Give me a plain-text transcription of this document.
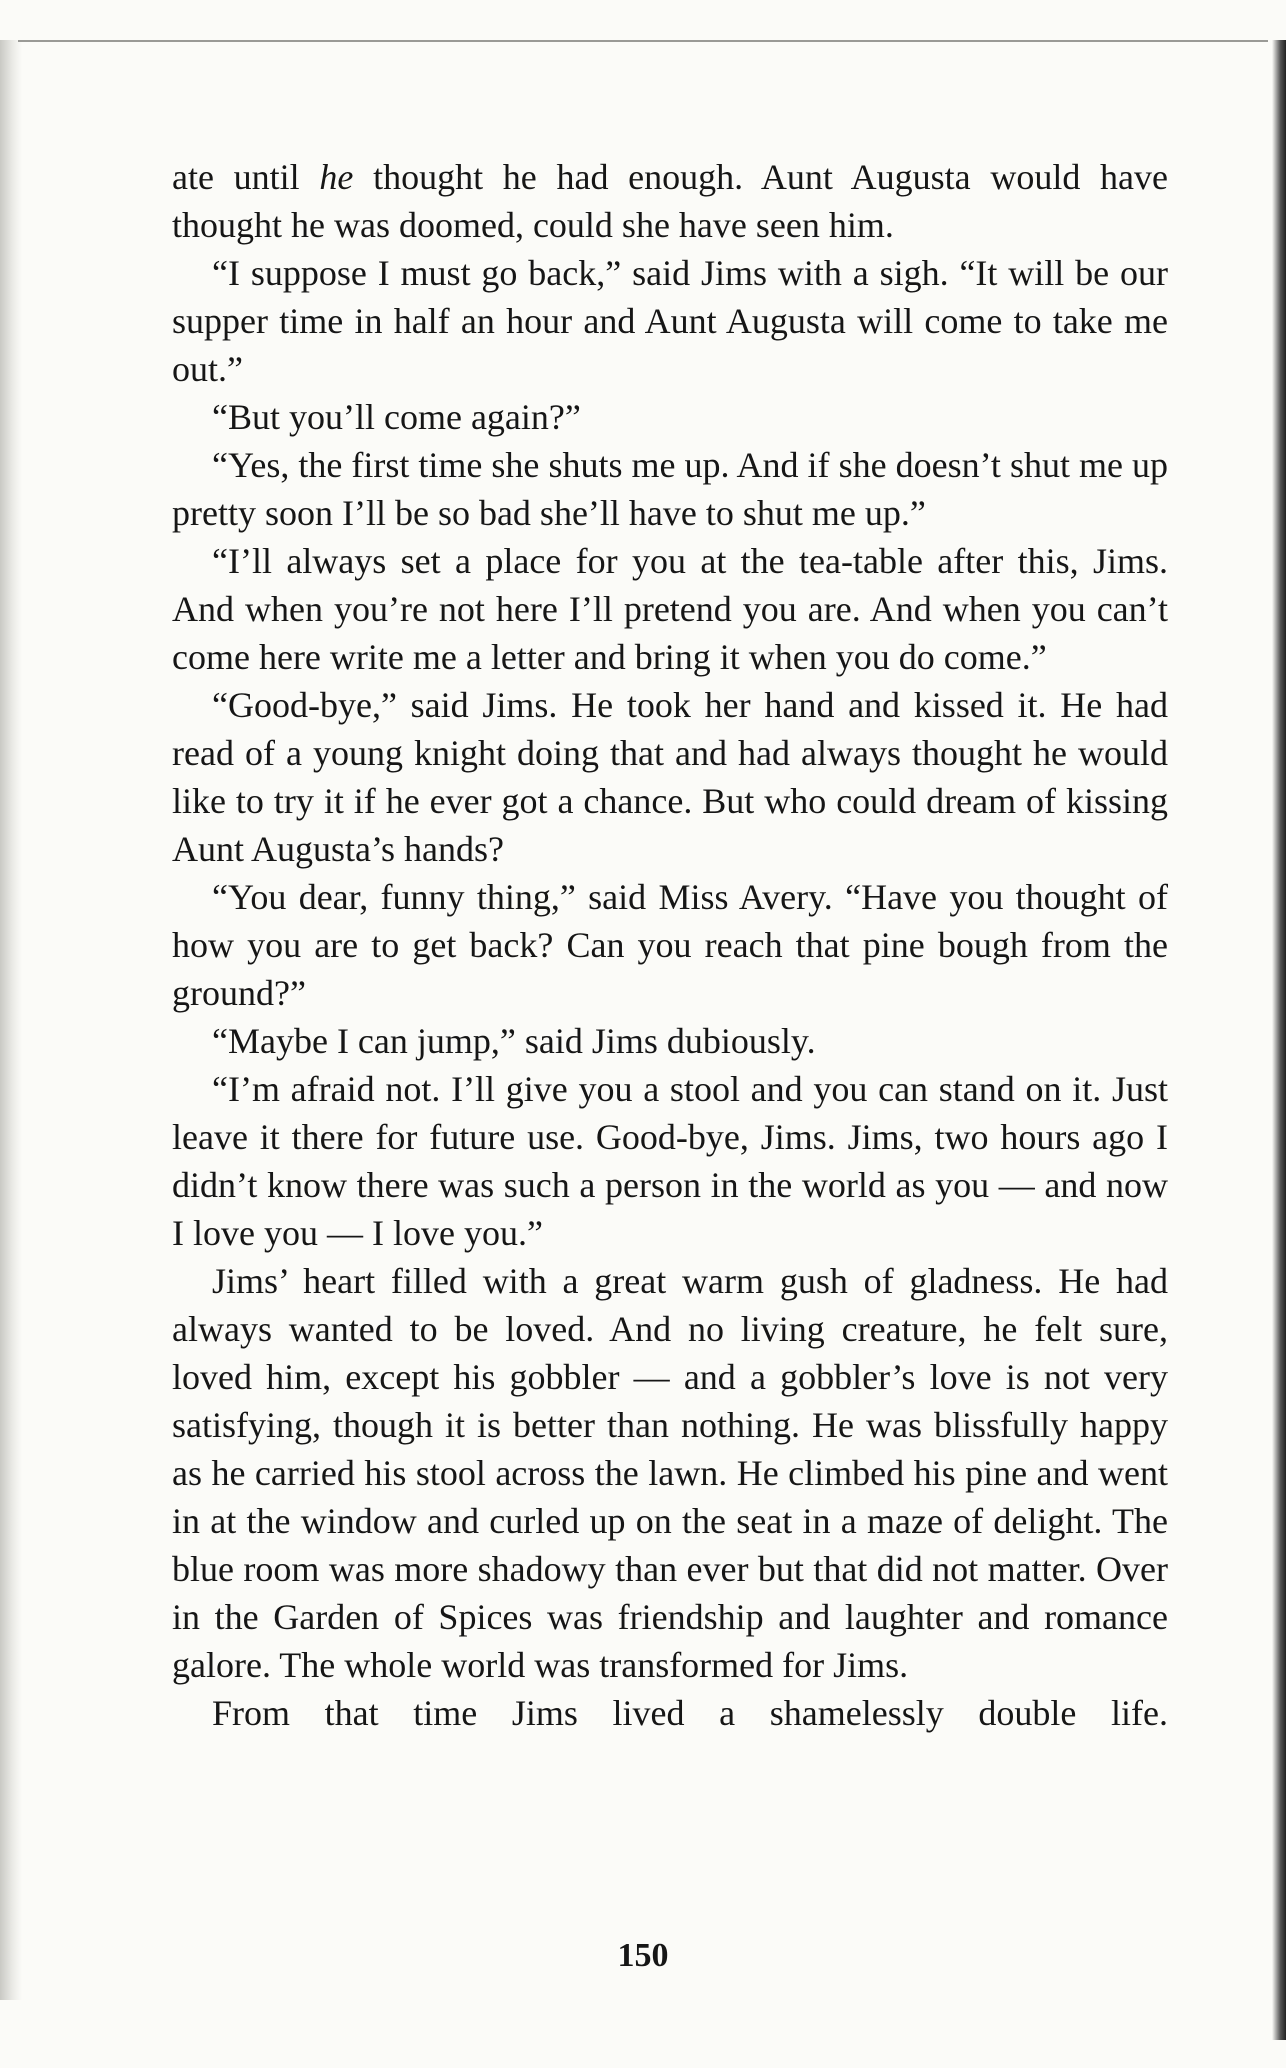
ate until he thought he had enough. Aunt Augusta would have thought he was doomed, could she have seen him.

“I suppose I must go back,” said Jims with a sigh. “It will be our supper time in half an hour and Aunt Augusta will come to take me out.”

“But you’ll come again?”

“Yes, the first time she shuts me up. And if she doesn’t shut me up pretty soon I’ll be so bad she’ll have to shut me up.”

“I’ll always set a place for you at the tea-table after this, Jims. And when you’re not here I’ll pretend you are. And when you can’t come here write me a letter and bring it when you do come.”

“Good-bye,” said Jims. He took her hand and kissed it. He had read of a young knight doing that and had always thought he would like to try it if he ever got a chance. But who could dream of kissing Aunt Augusta’s hands?

“You dear, funny thing,” said Miss Avery. “Have you thought of how you are to get back? Can you reach that pine bough from the ground?”

“Maybe I can jump,” said Jims dubiously.

“I’m afraid not. I’ll give you a stool and you can stand on it. Just leave it there for future use. Good-bye, Jims. Jims, two hours ago I didn’t know there was such a person in the world as you — and now I love you — I love you.”

Jims’ heart filled with a great warm gush of gladness. He had always wanted to be loved. And no living creature, he felt sure, loved him, except his gobbler — and a gobbler’s love is not very satisfying, though it is better than nothing. He was blissfully happy as he carried his stool across the lawn. He climbed his pine and went in at the window and curled up on the seat in a maze of delight. The blue room was more shadowy than ever but that did not matter. Over in the Garden of Spices was friendship and laughter and romance galore. The whole world was transformed for Jims.

From that time Jims lived a shamelessly double life.

150
